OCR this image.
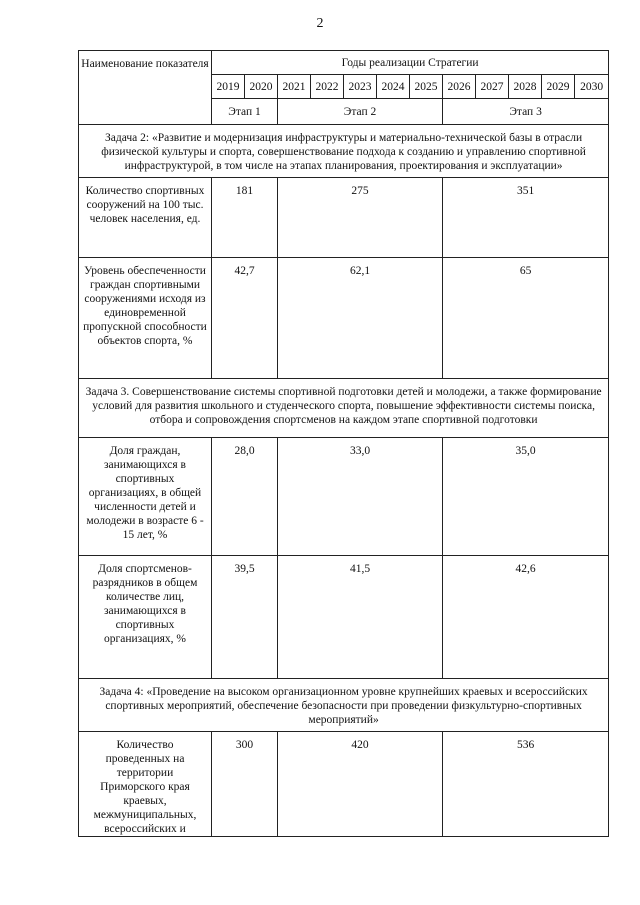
2
Наименование показателя	Годы реализации Стратегии											
	2019	2020	2021	2022	2023	2024	2025	2026	2027	2028	2029	2030
	Этап 1		Этап 2					Этап 3				
Задача 2: «Развитие и модернизация инфраструктуры и материально-технической базы в отрасли физической культуры и спорта, совершенствование подхода к созданию и управлению спортивной инфраструктурой, в том числе на этапах планирования, проектирования и эксплуатации»												
Количество спортивных сооружений на 100 тыс. человек населения, ед.	181		275					351				
Уровень обеспеченности граждан спортивными сооружениями исходя из единовременной пропускной способности объектов спорта, %	42,7		62,1					65				
Задача 3. Совершенствование системы спортивной подготовки детей и молодежи, а также формирование условий для развития школьного и студенческого спорта, повышение эффективности системы поиска, отбора и сопровождения спортсменов на каждом этапе спортивной подготовки												
Доля граждан, занимающихся в спортивных организациях, в общей численности детей и молодежи в возрасте 6 - 15 лет, %	28,0		33,0					35,0				
Доля спортсменов-разрядников в общем количестве лиц, занимающихся в спортивных организациях, %	39,5		41,5					42,6				
Задача 4: «Проведение на высоком организационном уровне крупнейших краевых и всероссийских спортивных мероприятий, обеспечение безопасности при проведении физкультурно-спортивных мероприятий»												
Количество проведенных на территории Приморского края краевых, межмуниципальных, всероссийских и	300		420					536				
